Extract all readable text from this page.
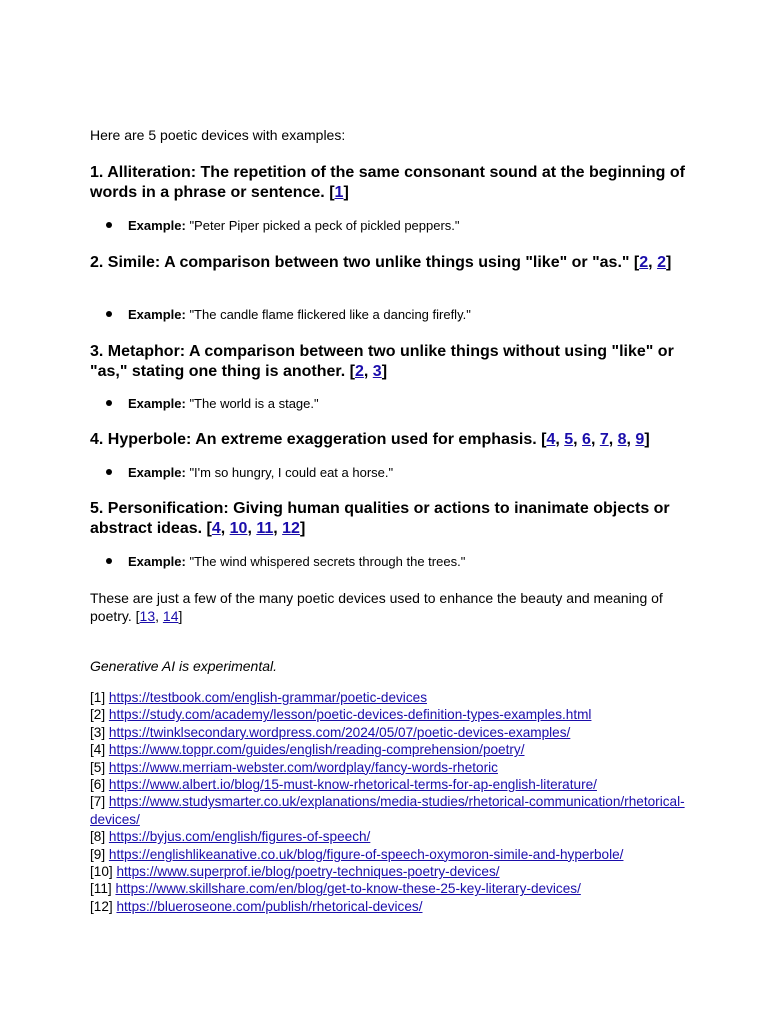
Here are 5 poetic devices with examples:
1. Alliteration: The repetition of the same consonant sound at the beginning of words in a phrase or sentence. [1]
Example: "Peter Piper picked a peck of pickled peppers."
2. Simile: A comparison between two unlike things using "like" or "as." [2, 2]
Example: "The candle flame flickered like a dancing firefly."
3. Metaphor: A comparison between two unlike things without using "like" or "as," stating one thing is another. [2, 3]
Example: "The world is a stage."
4. Hyperbole: An extreme exaggeration used for emphasis. [4, 5, 6, 7, 8, 9]
Example: "I'm so hungry, I could eat a horse."
5. Personification: Giving human qualities or actions to inanimate objects or abstract ideas. [4, 10, 11, 12]
Example: "The wind whispered secrets through the trees."
These are just a few of the many poetic devices used to enhance the beauty and meaning of poetry. [13, 14]
Generative AI is experimental.
[1] https://testbook.com/english-grammar/poetic-devices
[2] https://study.com/academy/lesson/poetic-devices-definition-types-examples.html
[3] https://twinklsecondary.wordpress.com/2024/05/07/poetic-devices-examples/
[4] https://www.toppr.com/guides/english/reading-comprehension/poetry/
[5] https://www.merriam-webster.com/wordplay/fancy-words-rhetoric
[6] https://www.albert.io/blog/15-must-know-rhetorical-terms-for-ap-english-literature/
[7] https://www.studysmarter.co.uk/explanations/media-studies/rhetorical-communication/rhetorical-devices/
[8] https://byjus.com/english/figures-of-speech/
[9] https://englishlikeanative.co.uk/blog/figure-of-speech-oxymoron-simile-and-hyperbole/
[10] https://www.superprof.ie/blog/poetry-techniques-poetry-devices/
[11] https://www.skillshare.com/en/blog/get-to-know-these-25-key-literary-devices/
[12] https://blueroseone.com/publish/rhetorical-devices/
